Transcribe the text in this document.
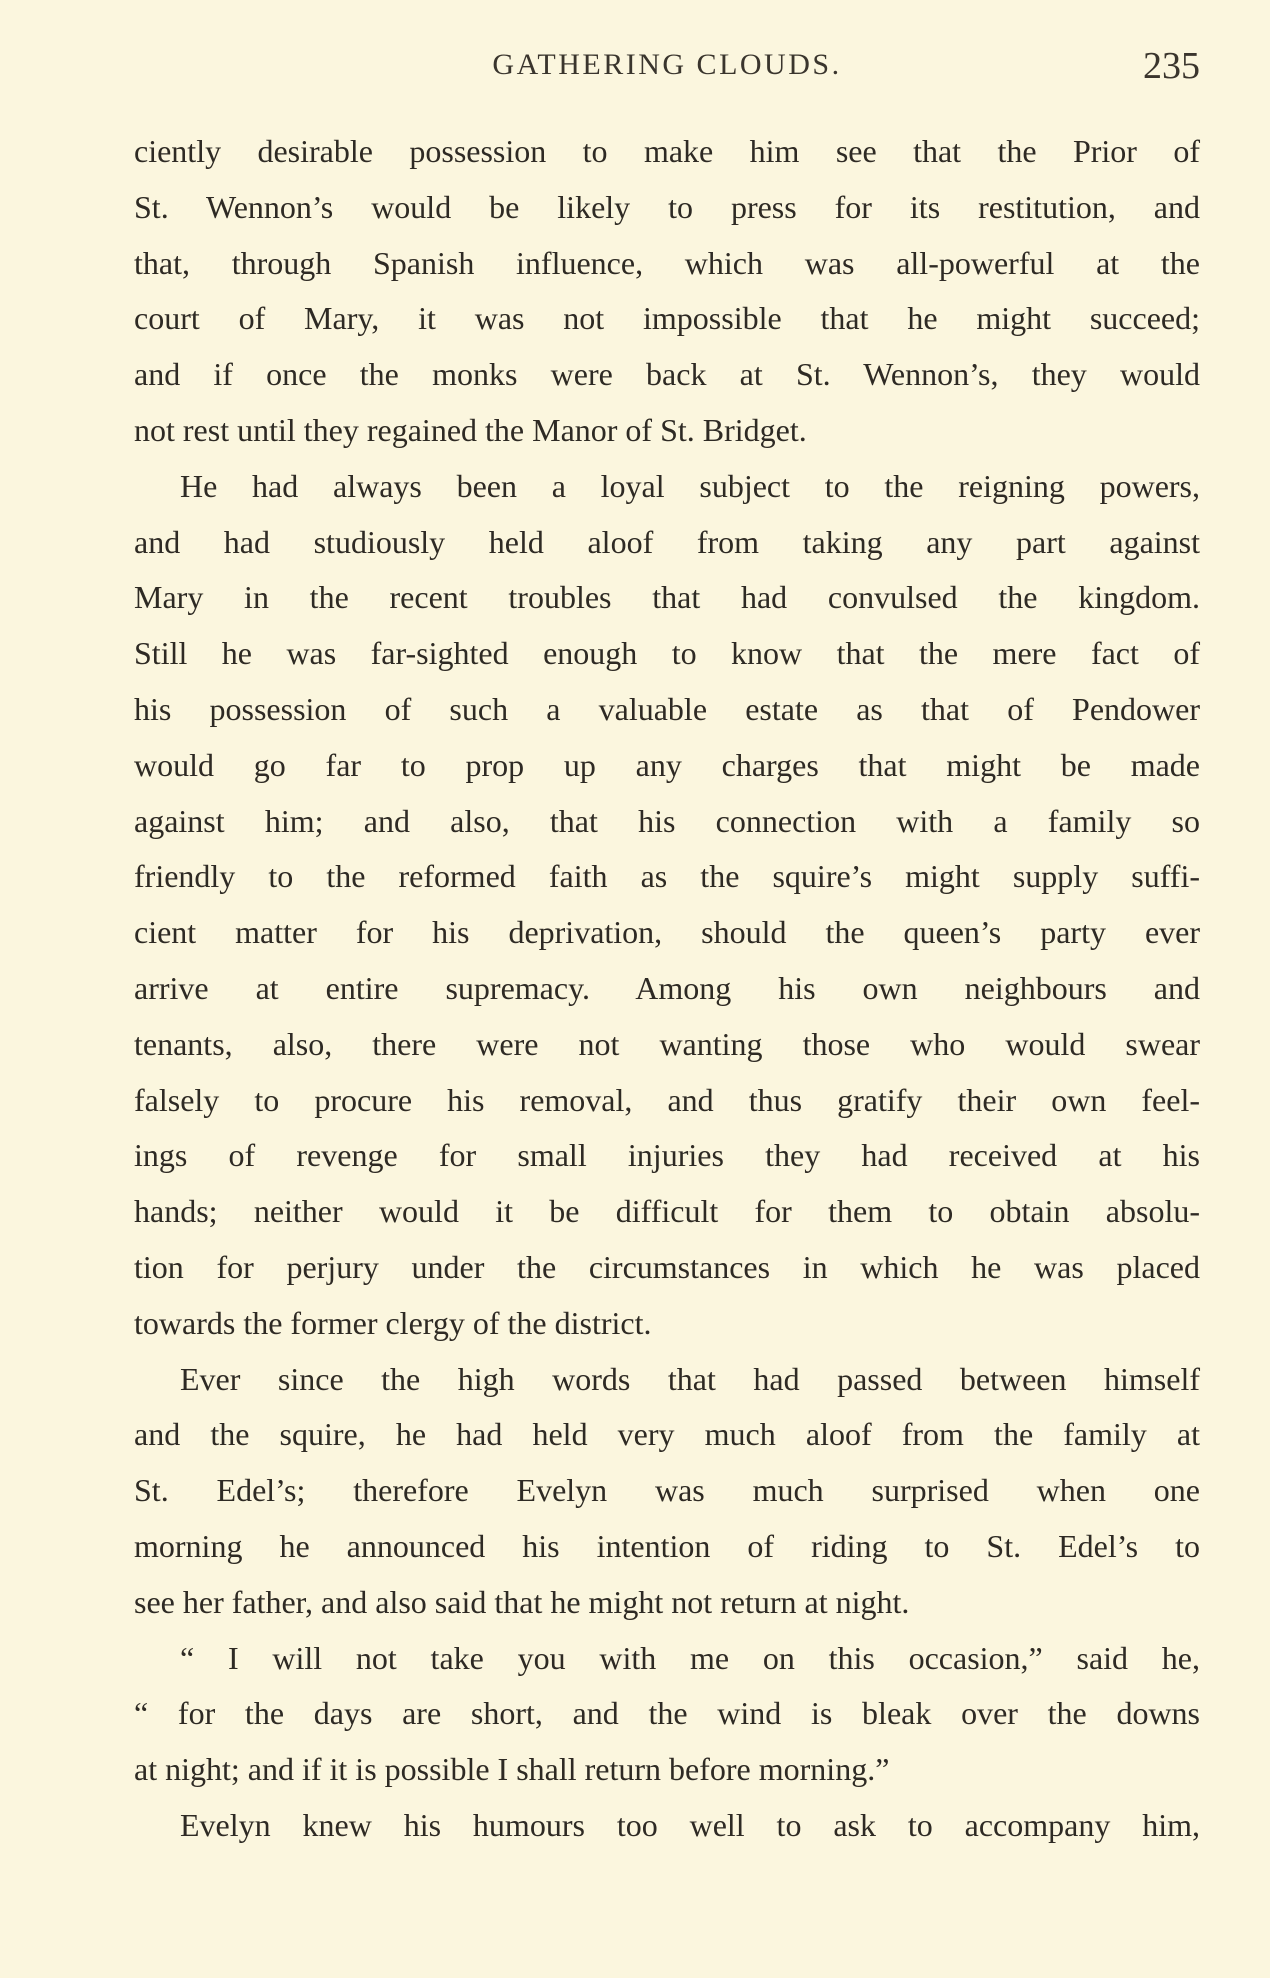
GATHERING CLOUDS.	235
ciently desirable possession to make him see that the Prior of
St. Wennon’s would be likely to press for its restitution, and
that, through Spanish influence, which was all-powerful at the
court of Mary, it was not impossible that he might succeed;
and if once the monks were back at St. Wennon’s, they would
not rest until they regained the Manor of St. Bridget.
He had always been a loyal subject to the reigning powers,
and had studiously held aloof from taking any part against
Mary in the recent troubles that had convulsed the kingdom.
Still he was far-sighted enough to know that the mere fact of
his possession of such a valuable estate as that of Pendower
would go far to prop up any charges that might be made
against him; and also, that his connection with a family so
friendly to the reformed faith as the squire’s might supply suffi-
cient matter for his deprivation, should the queen’s party ever
arrive at entire supremacy. Among his own neighbours and
tenants, also, there were not wanting those who would swear
falsely to procure his removal, and thus gratify their own feel-
ings of revenge for small injuries they had received at his
hands; neither would it be difficult for them to obtain absolu-
tion for perjury under the circumstances in which he was placed
towards the former clergy of the district.
Ever since the high words that had passed between himself
and the squire, he had held very much aloof from the family at
St. Edel’s; therefore Evelyn was much surprised when one
morning he announced his intention of riding to St. Edel’s to
see her father, and also said that he might not return at night.
“ I will not take you with me on this occasion,” said he,
“ for the days are short, and the wind is bleak over the downs
at night; and if it is possible I shall return before morning.”
Evelyn knew his humours too well to ask to accompany him,
